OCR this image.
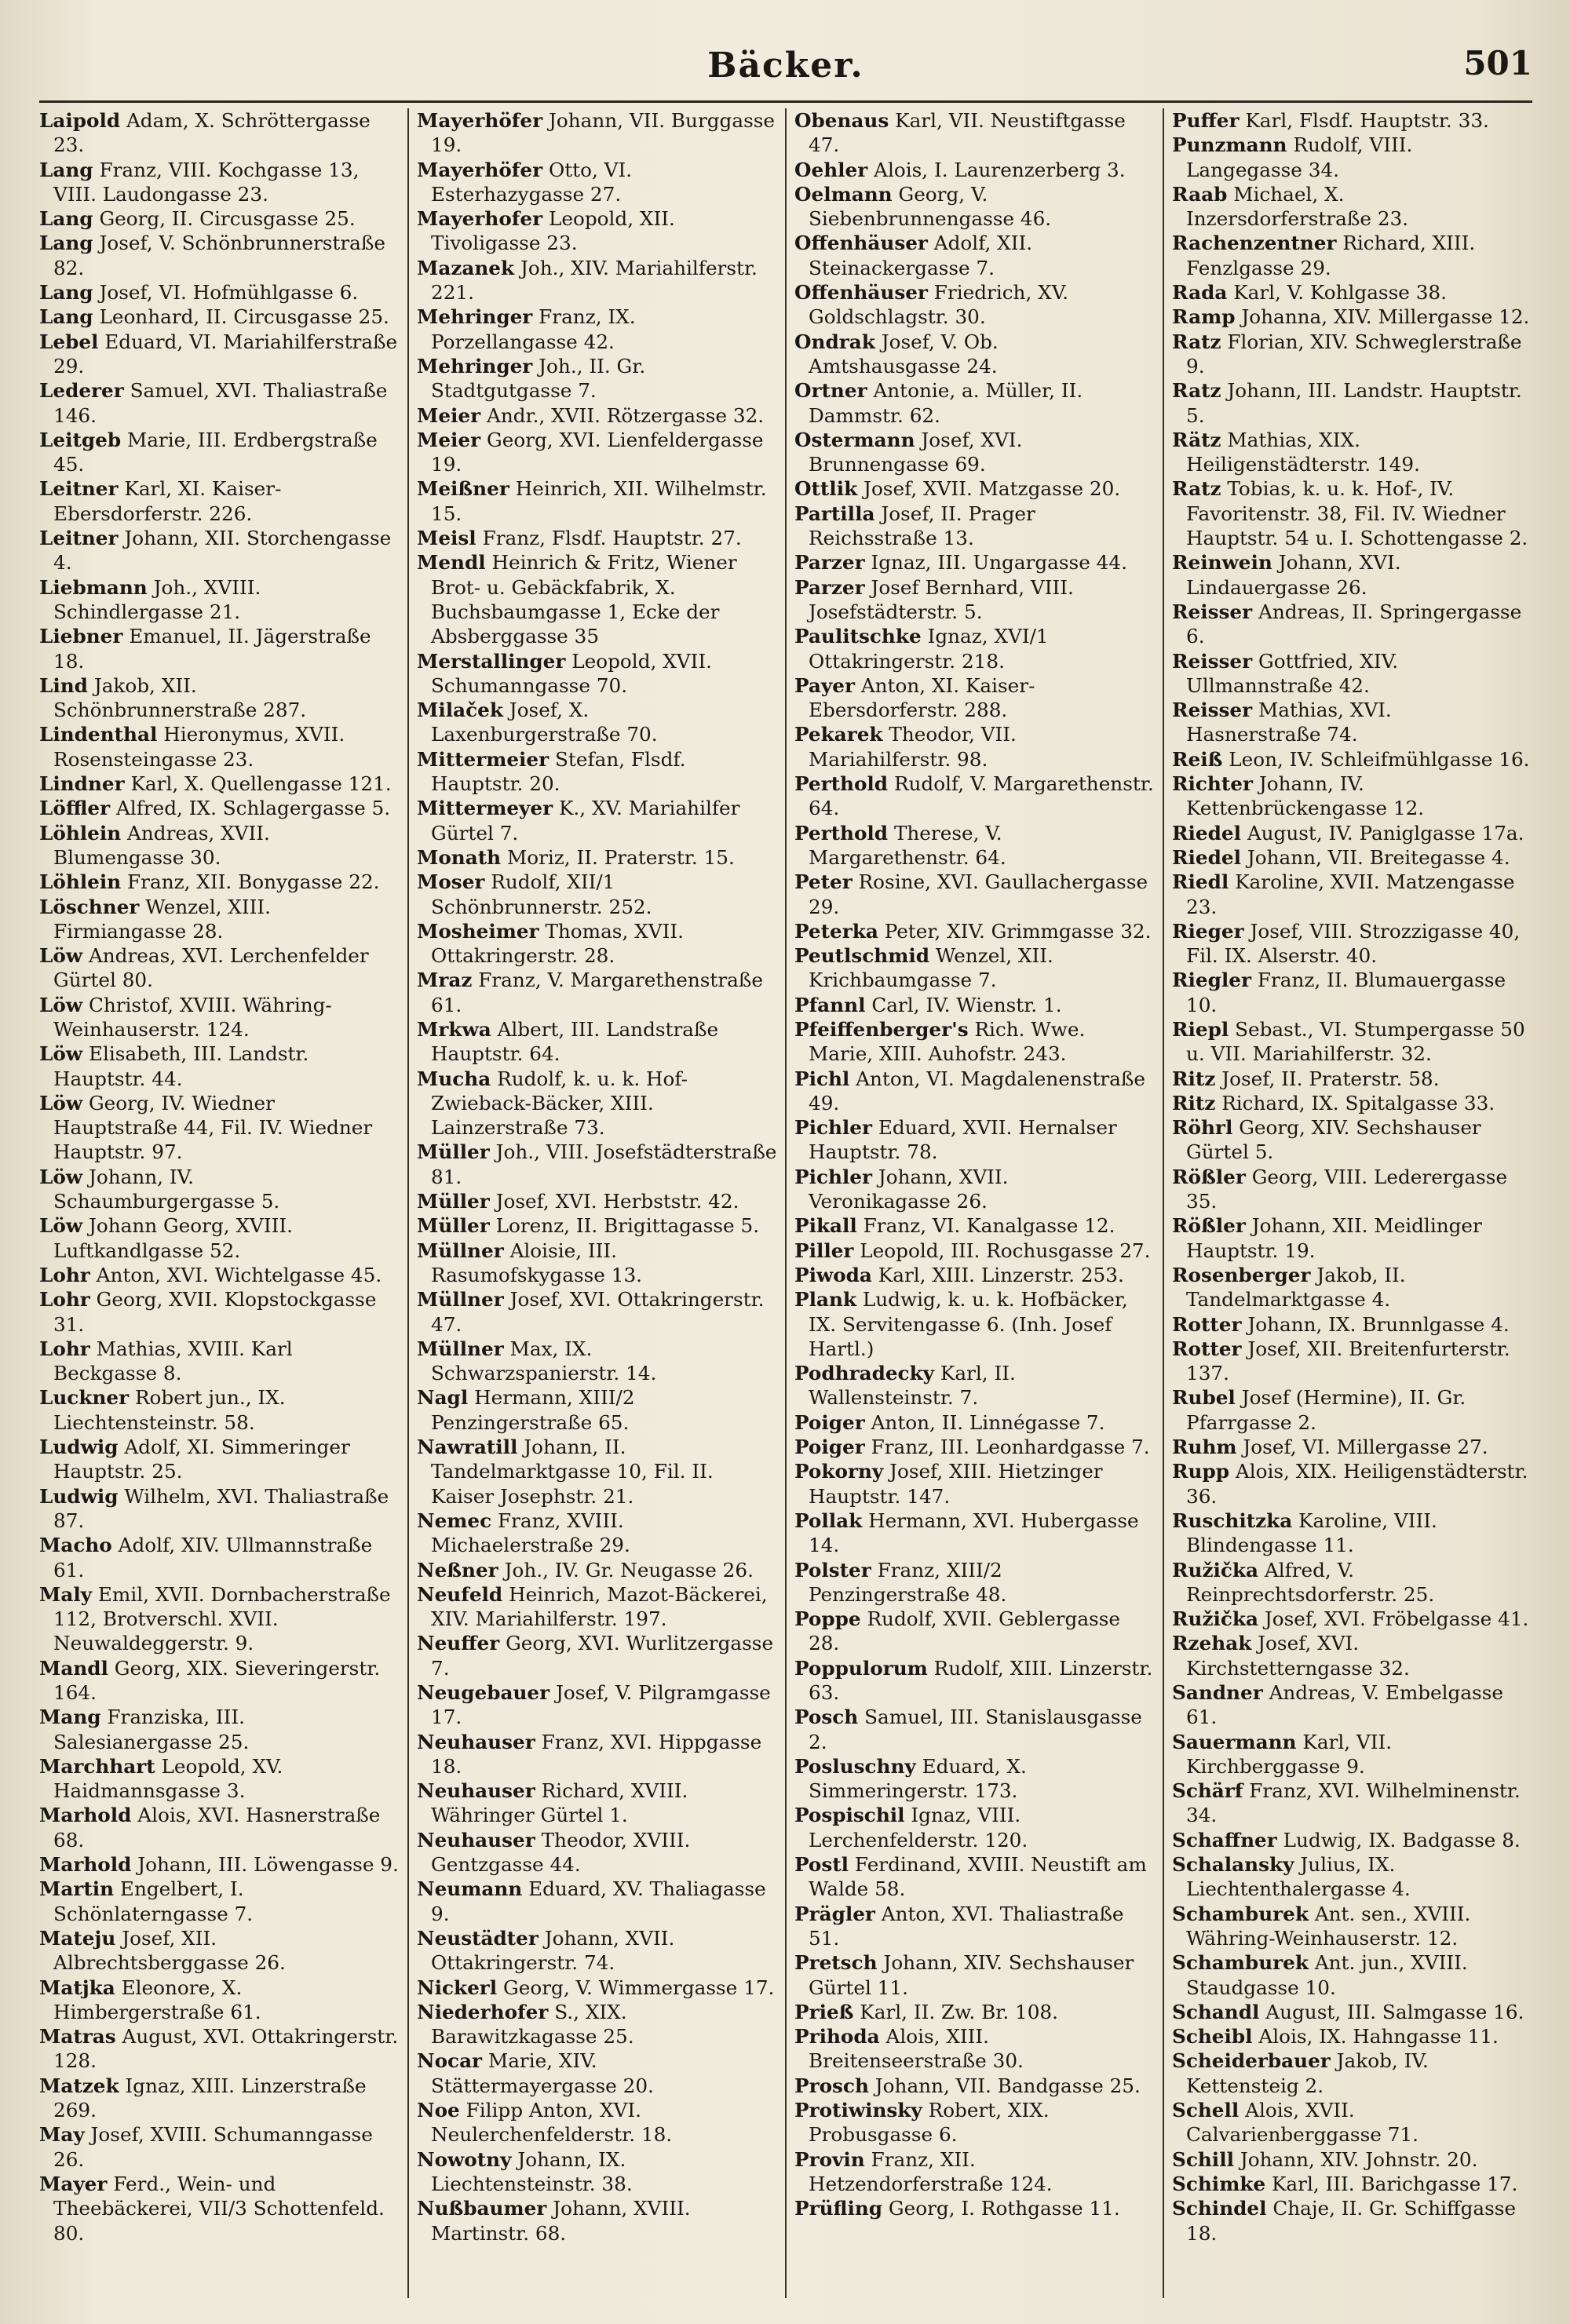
Bäcker.	501
Laipold Adam, X. Schröttergasse 23.
Lang Franz, VIII. Kochgasse 13, VIII. Laudongasse 23.
Lang Georg, II. Circusgasse 25.
Lang Josef, V. Schönbrunnerstraße 82.
Lang Josef, VI. Hofmühlgasse 6.
Lang Leonhard, II. Circusgasse 25.
Lebel Eduard, VI. Mariahilferstraße 29.
Lederer Samuel, XVI. Thaliastraße 146.
Leitgeb Marie, III. Erdbergstraße 45.
Leitner Karl, XI. Kaiser-Ebersdorferstr. 226.
Leitner Johann, XII. Storchengasse 4.
Liebmann Joh., XVIII. Schindlergasse 21.
Liebner Emanuel, II. Jägerstraße 18.
Lind Jakob, XII. Schönbrunnerstraße 287.
Lindenthal Hieronymus, XVII. Rosensteingasse 23.
Lindner Karl, X. Quellengasse 121.
Löffler Alfred, IX. Schlagergasse 5.
Löhlein Andreas, XVII. Blumengasse 30.
Löhlein Franz, XII. Bonygasse 22.
Löschner Wenzel, XIII. Firmiangasse 28.
Löw Andreas, XVI. Lerchenfelder Gürtel 80.
Löw Christof, XVIII. Währing-Weinhauserstr. 124.
Löw Elisabeth, III. Landstr. Hauptstr. 44.
Löw Georg, IV. Wiedner Hauptstraße 44, Fil. IV. Wiedner Hauptstr. 97.
Löw Johann, IV. Schaumburgergasse 5.
Löw Johann Georg, XVIII. Luftkandlgasse 52.
Lohr Anton, XVI. Wichtelgasse 45.
Lohr Georg, XVII. Klopstockgasse 31.
Lohr Mathias, XVIII. Karl Beckgasse 8.
Luckner Robert jun., IX. Liechtensteinstr. 58.
Ludwig Adolf, XI. Simmeringer Hauptstr. 25.
Ludwig Wilhelm, XVI. Thaliastraße 87.
Macho Adolf, XIV. Ullmannstraße 61.
Maly Emil, XVII. Dornbacherstraße 112, Brotverschl. XVII. Neuwaldeggerstr. 9.
Mandl Georg, XIX. Sieveringerstr. 164.
Mang Franziska, III. Salesianergasse 25.
Marchhart Leopold, XV. Haidmannsgasse 3.
Marhold Alois, XVI. Hasnerstraße 68.
Marhold Johann, III. Löwengasse 9.
Martin Engelbert, I. Schönlaterngasse 7.
Mateju Josef, XII. Albrechtsberggasse 26.
Matjka Eleonore, X. Himbergerstraße 61.
Matras August, XVI. Ottakringerstr. 128.
Matzek Ignaz, XIII. Linzerstraße 269.
May Josef, XVIII. Schumanngasse 26.
Mayer Ferd., Wein- und Theebäckerei, VII/3 Schottenfeld. 80.
Mayerhöfer Johann, VII. Burggasse 19.
Mayerhöfer Otto, VI. Esterhazygasse 27.
Mayerhofer Leopold, XII. Tivoligasse 23.
Mazanek Joh., XIV. Mariahilferstr. 221.
Mehringer Franz, IX. Porzellangasse 42.
Mehringer Joh., II. Gr. Stadtgutgasse 7.
Meier Andr., XVII. Rötzergasse 32.
Meier Georg, XVI. Lienfeldergasse 19.
Meißner Heinrich, XII. Wilhelmstr. 15.
Meisl Franz, Flsdf. Hauptstr. 27.
Mendl Heinrich & Fritz, Wiener Brot- u. Gebäckfabrik, X. Buchsbaumgasse 1, Ecke der Absberggasse 35
Merstallinger Leopold, XVII. Schumanngasse 70.
Milaček Josef, X. Laxenburgerstraße 70.
Mittermeier Stefan, Flsdf. Hauptstr. 20.
Mittermeyer K., XV. Mariahilfer Gürtel 7.
Monath Moriz, II. Praterstr. 15.
Moser Rudolf, XII/1 Schönbrunnerstr. 252.
Mosheimer Thomas, XVII. Ottakringerstr. 28.
Mraz Franz, V. Margarethenstraße 61.
Mrkwa Albert, III. Landstraße Hauptstr. 64.
Mucha Rudolf, k. u. k. Hof-Zwieback-Bäcker, XIII. Lainzerstraße 73.
Müller Joh., VIII. Josefstädterstraße 81.
Müller Josef, XVI. Herbststr. 42.
Müller Lorenz, II. Brigittagasse 5.
Müllner Aloisie, III. Rasumofskygasse 13.
Müllner Josef, XVI. Ottakringerstr. 47.
Müllner Max, IX. Schwarzspanierstr. 14.
Nagl Hermann, XIII/2 Penzingerstraße 65.
Nawratill Johann, II. Tandelmarktgasse 10, Fil. II. Kaiser Josephstr. 21.
Nemec Franz, XVIII. Michaelerstraße 29.
Neßner Joh., IV. Gr. Neugasse 26.
Neufeld Heinrich, Mazot-Bäckerei, XIV. Mariahilferstr. 197.
Neuffer Georg, XVI. Wurlitzergasse 7.
Neugebauer Josef, V. Pilgramgasse 17.
Neuhauser Franz, XVI. Hippgasse 18.
Neuhauser Richard, XVIII. Währinger Gürtel 1.
Neuhauser Theodor, XVIII. Gentzgasse 44.
Neumann Eduard, XV. Thaliagasse 9.
Neustädter Johann, XVII. Ottakringerstr. 74.
Nickerl Georg, V. Wimmergasse 17.
Niederhofer S., XIX. Barawitzkagasse 25.
Nocar Marie, XIV. Stättermayergasse 20.
Noe Filipp Anton, XVI. Neulerchenfelderstr. 18.
Nowotny Johann, IX. Liechtensteinstr. 38.
Nußbaumer Johann, XVIII. Martinstr. 68.
Obenaus Karl, VII. Neustiftgasse 47.
Oehler Alois, I. Laurenzerberg 3.
Oelmann Georg, V. Siebenbrunnengasse 46.
Offenhäuser Adolf, XII. Steinackergasse 7.
Offenhäuser Friedrich, XV. Goldschlagstr. 30.
Ondrak Josef, V. Ob. Amtshausgasse 24.
Ortner Antonie, a. Müller, II. Dammstr. 62.
Ostermann Josef, XVI. Brunnengasse 69.
Ottlik Josef, XVII. Matzgasse 20.
Partilla Josef, II. Prager Reichsstraße 13.
Parzer Ignaz, III. Ungargasse 44.
Parzer Josef Bernhard, VIII. Josefstädterstr. 5.
Paulitschke Ignaz, XVI/1 Ottakringerstr. 218.
Payer Anton, XI. Kaiser-Ebersdorferstr. 288.
Pekarek Theodor, VII. Mariahilferstr. 98.
Perthold Rudolf, V. Margarethenstr. 64.
Perthold Therese, V. Margarethenstr. 64.
Peter Rosine, XVI. Gaullachergasse 29.
Peterka Peter, XIV. Grimmgasse 32.
Peutlschmid Wenzel, XII. Krichbaumgasse 7.
Pfannl Carl, IV. Wienstr. 1.
Pfeiffenberger's Rich. Wwe. Marie, XIII. Auhofstr. 243.
Pichl Anton, VI. Magdalenenstraße 49.
Pichler Eduard, XVII. Hernalser Hauptstr. 78.
Pichler Johann, XVII. Veronikagasse 26.
Pikall Franz, VI. Kanalgasse 12.
Piller Leopold, III. Rochusgasse 27.
Piwoda Karl, XIII. Linzerstr. 253.
Plank Ludwig, k. u. k. Hofbäcker, IX. Servitengasse 6. (Inh. Josef Hartl.)
Podhradecky Karl, II. Wallensteinstr. 7.
Poiger Anton, II. Linnégasse 7.
Poiger Franz, III. Leonhardgasse 7.
Pokorny Josef, XIII. Hietzinger Hauptstr. 147.
Pollak Hermann, XVI. Hubergasse 14.
Polster Franz, XIII/2 Penzingerstraße 48.
Poppe Rudolf, XVII. Geblergasse 28.
Poppulorum Rudolf, XIII. Linzerstr. 63.
Posch Samuel, III. Stanislausgasse 2.
Posluschny Eduard, X. Simmeringerstr. 173.
Pospischil Ignaz, VIII. Lerchenfelderstr. 120.
Postl Ferdinand, XVIII. Neustift am Walde 58.
Prägler Anton, XVI. Thaliastraße 51.
Pretsch Johann, XIV. Sechshauser Gürtel 11.
Prieß Karl, II. Zw. Br. 108.
Prihoda Alois, XIII. Breitenseerstraße 30.
Prosch Johann, VII. Bandgasse 25.
Protiwinsky Robert, XIX. Probusgasse 6.
Provin Franz, XII. Hetzendorferstraße 124.
Prüfling Georg, I. Rothgasse 11.
Puffer Karl, Flsdf. Hauptstr. 33.
Punzmann Rudolf, VIII. Langegasse 34.
Raab Michael, X. Inzersdorferstraße 23.
Rachenzentner Richard, XIII. Fenzlgasse 29.
Rada Karl, V. Kohlgasse 38.
Ramp Johanna, XIV. Millergasse 12.
Ratz Florian, XIV. Schweglerstraße 9.
Ratz Johann, III. Landstr. Hauptstr. 5.
Rätz Mathias, XIX. Heiligenstädterstr. 149.
Ratz Tobias, k. u. k. Hof-, IV. Favoritenstr. 38, Fil. IV. Wiedner Hauptstr. 54 u. I. Schottengasse 2.
Reinwein Johann, XVI. Lindauergasse 26.
Reisser Andreas, II. Springergasse 6.
Reisser Gottfried, XIV. Ullmannstraße 42.
Reisser Mathias, XVI. Hasnerstraße 74.
Reiß Leon, IV. Schleifmühlgasse 16.
Richter Johann, IV. Kettenbrückengasse 12.
Riedel August, IV. Paniglgasse 17a.
Riedel Johann, VII. Breitegasse 4.
Riedl Karoline, XVII. Matzengasse 23.
Rieger Josef, VIII. Strozzigasse 40, Fil. IX. Alserstr. 40.
Riegler Franz, II. Blumauergasse 10.
Riepl Sebast., VI. Stumpergasse 50 u. VII. Mariahilferstr. 32.
Ritz Josef, II. Praterstr. 58.
Ritz Richard, IX. Spitalgasse 33.
Röhrl Georg, XIV. Sechshauser Gürtel 5.
Rößler Georg, VIII. Lederergasse 35.
Rößler Johann, XII. Meidlinger Hauptstr. 19.
Rosenberger Jakob, II. Tandelmarktgasse 4.
Rotter Johann, IX. Brunnlgasse 4.
Rotter Josef, XII. Breitenfurterstr. 137.
Rubel Josef (Hermine), II. Gr. Pfarrgasse 2.
Ruhm Josef, VI. Millergasse 27.
Rupp Alois, XIX. Heiligenstädterstr. 36.
Ruschitzka Karoline, VIII. Blindengasse 11.
Ružička Alfred, V. Reinprechtsdorferstr. 25.
Ružička Josef, XVI. Fröbelgasse 41.
Rzehak Josef, XVI. Kirchstetterngasse 32.
Sandner Andreas, V. Embelgasse 61.
Sauermann Karl, VII. Kirchberggasse 9.
Schärf Franz, XVI. Wilhelminenstr. 34.
Schaffner Ludwig, IX. Badgasse 8.
Schalansky Julius, IX. Liechtenthalergasse 4.
Schamburek Ant. sen., XVIII. Währing-Weinhauserstr. 12.
Schamburek Ant. jun., XVIII. Staudgasse 10.
Schandl August, III. Salmgasse 16.
Scheibl Alois, IX. Hahngasse 11.
Scheiderbauer Jakob, IV. Kettensteig 2.
Schell Alois, XVII. Calvarienberggasse 71.
Schill Johann, XIV. Johnstr. 20.
Schimke Karl, III. Barichgasse 17.
Schindel Chaje, II. Gr. Schiffgasse 18.
